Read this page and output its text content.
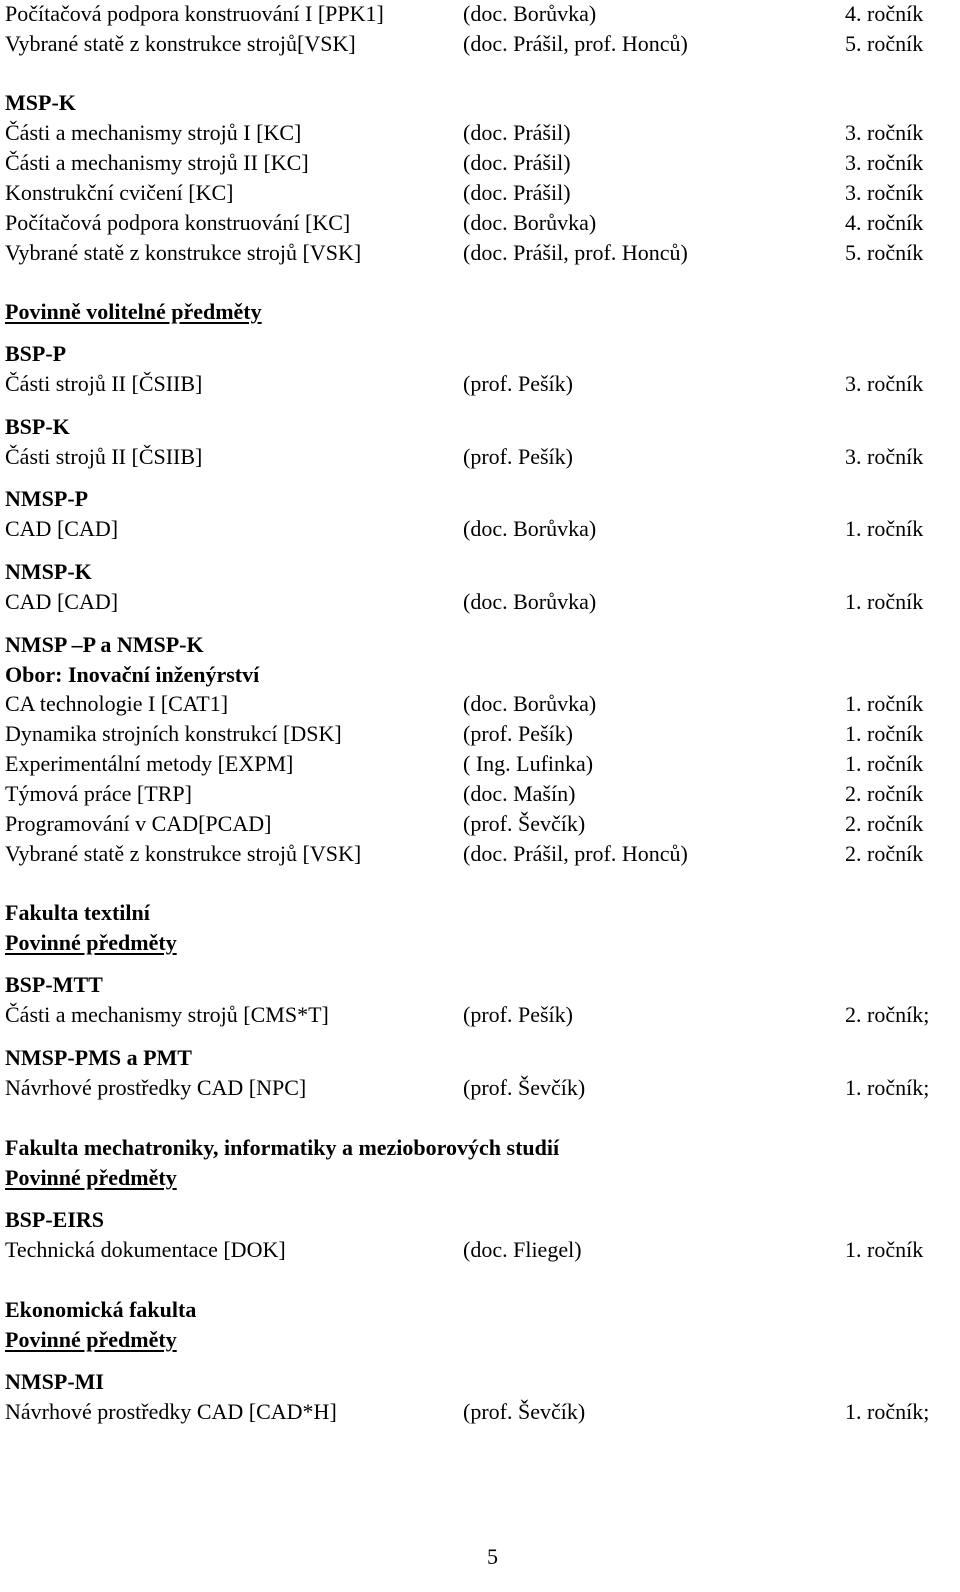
5
Počítačová podpora konstruování I [PPK1]	(doc. Borůvka)	4. ročník
Vybrané statě z konstrukce strojů[VSK]	(doc. Prášil, prof. Honců)	5. ročník
MSP-K
Části a mechanismy strojů I [KC]	(doc. Prášil)	3. ročník
Části a mechanismy strojů II [KC]	(doc. Prášil)	3. ročník
Konstrukční cvičení [KC]	(doc. Prášil)	3. ročník
Počítačová podpora konstruování [KC]	(doc. Borůvka)	4. ročník
Vybrané statě z konstrukce strojů [VSK]	(doc. Prášil, prof. Honců)	5. ročník
Povinně volitelné předměty
BSP-P
Části strojů II [ČSIIB]	(prof. Pešík)	3. ročník
BSP-K
Části strojů II [ČSIIB]	(prof. Pešík)	3. ročník
NMSP-P
CAD [CAD]	(doc. Borůvka)	1. ročník
NMSP-K
CAD [CAD]	(doc. Borůvka)	1. ročník
NMSP –P a NMSP-K
Obor: Inovační inženýrství
CA technologie I [CAT1]	(doc. Borůvka)	1. ročník
Dynamika strojních konstrukcí [DSK]	(prof. Pešík)	1. ročník
Experimentální metody [EXPM]	( Ing. Lufinka)	1. ročník
Týmová práce [TRP]	(doc. Mašín)	2. ročník
Programování v CAD[PCAD]	(prof. Ševčík)	2. ročník
Vybrané statě z konstrukce strojů [VSK]	(doc. Prášil, prof. Honců)	2. ročník
Fakulta textilní
Povinné předměty
BSP-MTT
Části a mechanismy strojů [CMS*T]	(prof. Pešík)	2. ročník;
NMSP-PMS a PMT
Návrhové prostředky CAD [NPC]	(prof. Ševčík)	1. ročník;
Fakulta mechatroniky, informatiky a mezioborových studií
Povinné předměty
BSP-EIRS
Technická dokumentace [DOK]	(doc. Fliegel)	1. ročník
Ekonomická fakulta
Povinné předměty
NMSP-MI
Návrhové prostředky CAD [CAD*H]	(prof. Ševčík)	1. ročník;
